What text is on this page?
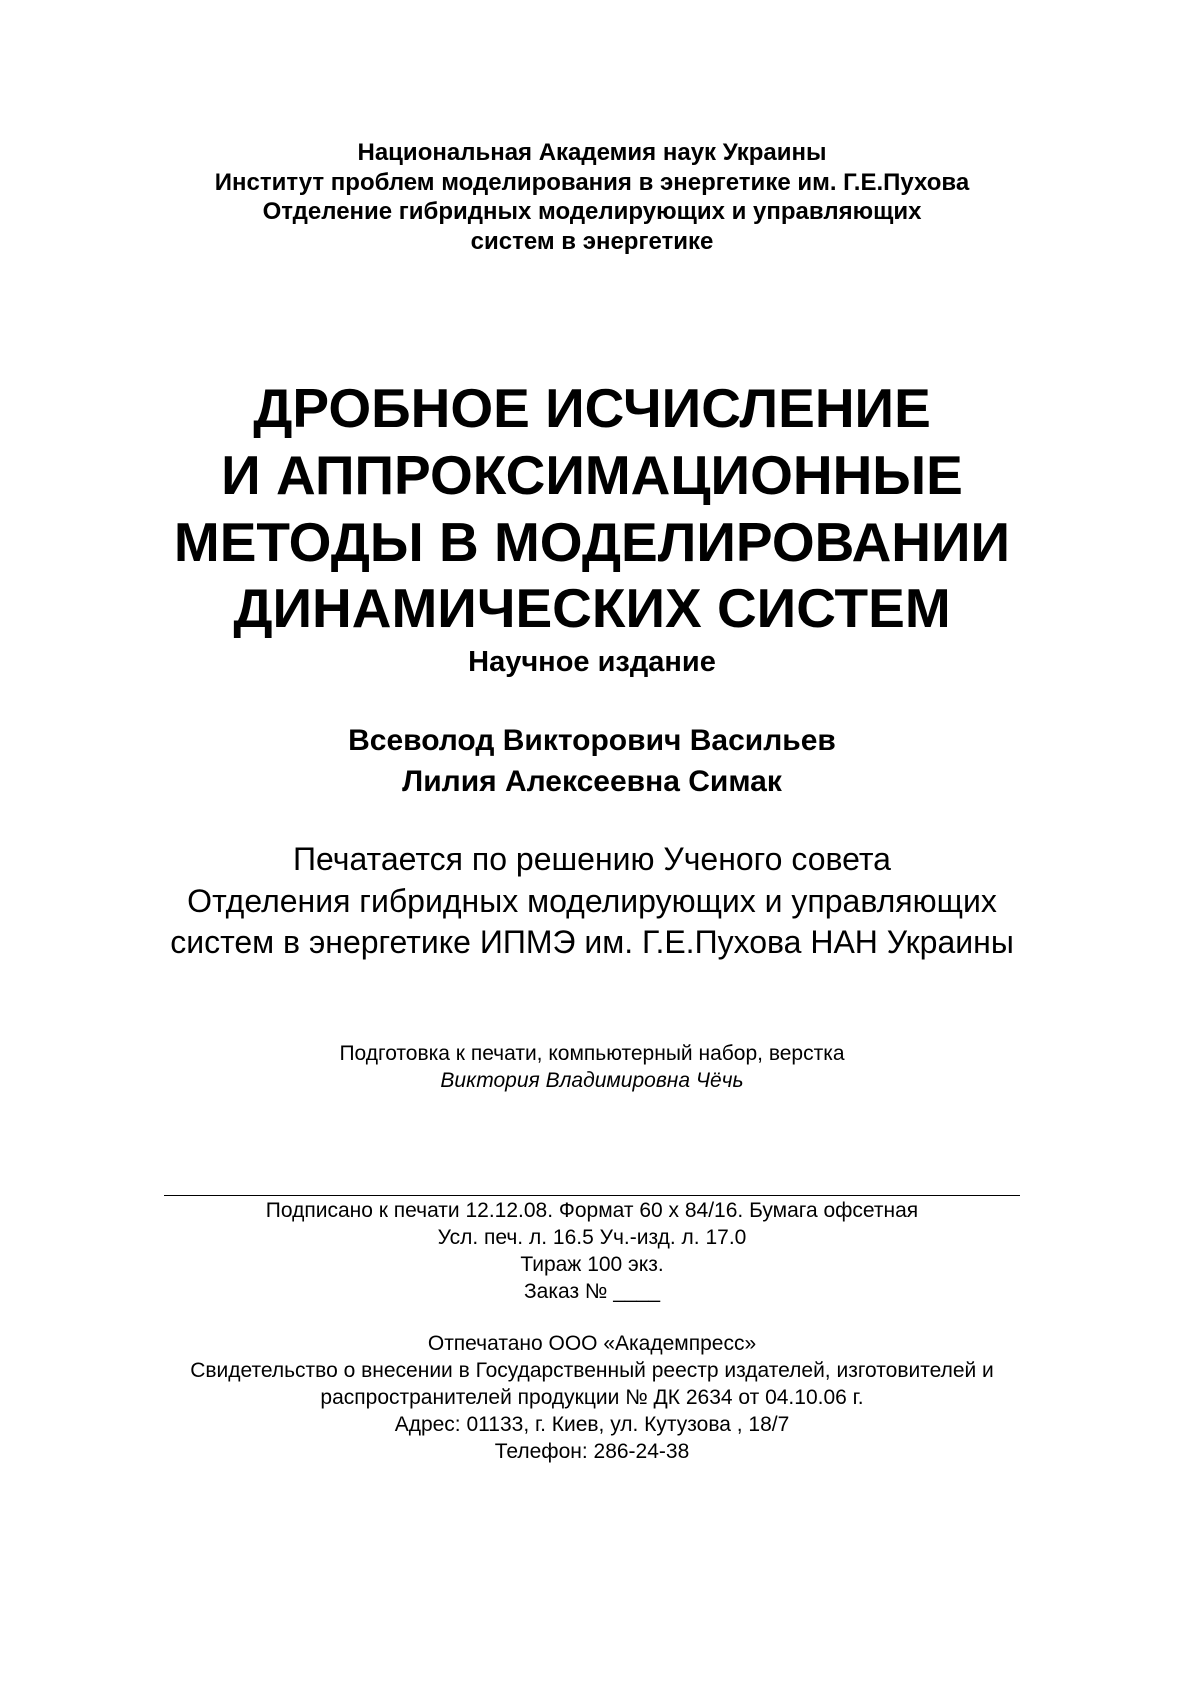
Национальная Академия наук Украины

Институт проблем моделирования в энергетике им. Г.Е.Пухова

Отделение гибридных моделирующих и управляющих

систем в энергетике

ДРОБНОЕ ИСЧИСЛЕНИЕ

И АППРОКСИМАЦИОННЫЕ

МЕТОДЫ В МОДЕЛИРОВАНИИ

ДИНАМИЧЕСКИХ СИСТЕМ

Научное издание

Всеволод Викторович Васильев

Лилия Алексеевна Симак

Печатается по решению Ученого совета

Отделения гибридных моделирующих и управляющих

систем в энергетике ИПМЭ им. Г.Е.Пухова НАН Украины

Подготовка к печати, компьютерный набор, верстка

Виктория Владимировна Чёчь

Подписано к печати 12.12.08. Формат 60 х 84/16. Бумага офсетная

Усл. печ. л. 16.5 Уч.-изд. л. 17.0

Тираж 100 экз.

Заказ № ____

Отпечатано ООО «Академпресс»

Свидетельство о внесении в Государственный реестр издателей, изготовителей и

распространителей продукции № ДК 2634 от 04.10.06 г.

Адрес: 01133, г. Киев, ул. Кутузова , 18/7

Телефон: 286-24-38
